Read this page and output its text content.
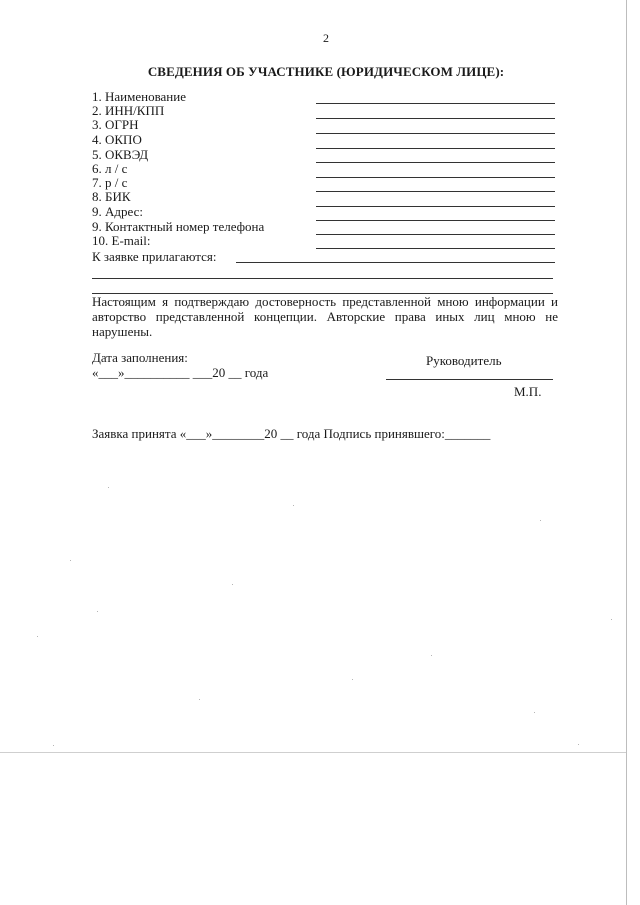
2
СВЕДЕНИЯ ОБ УЧАСТНИКЕ (ЮРИДИЧЕСКОМ ЛИЦЕ):
1. Наименование
2. ИНН/КПП
3. ОГРН
4. ОКПО
5. ОКВЭД
6. л / с
7. р / с
8. БИК
9. Адрес:
9. Контактный номер телефона
10. E-mail:
К заявке прилагаются:
Настоящим я подтверждаю достоверность представленной мною информации и авторство представленной концепции. Авторские права иных лиц мною не нарушены.
Дата заполнения:
«___»__________ ___20 __ года
Руководитель
М.П.
Заявка принята «___»________20 __ года Подпись принявшего:_______
